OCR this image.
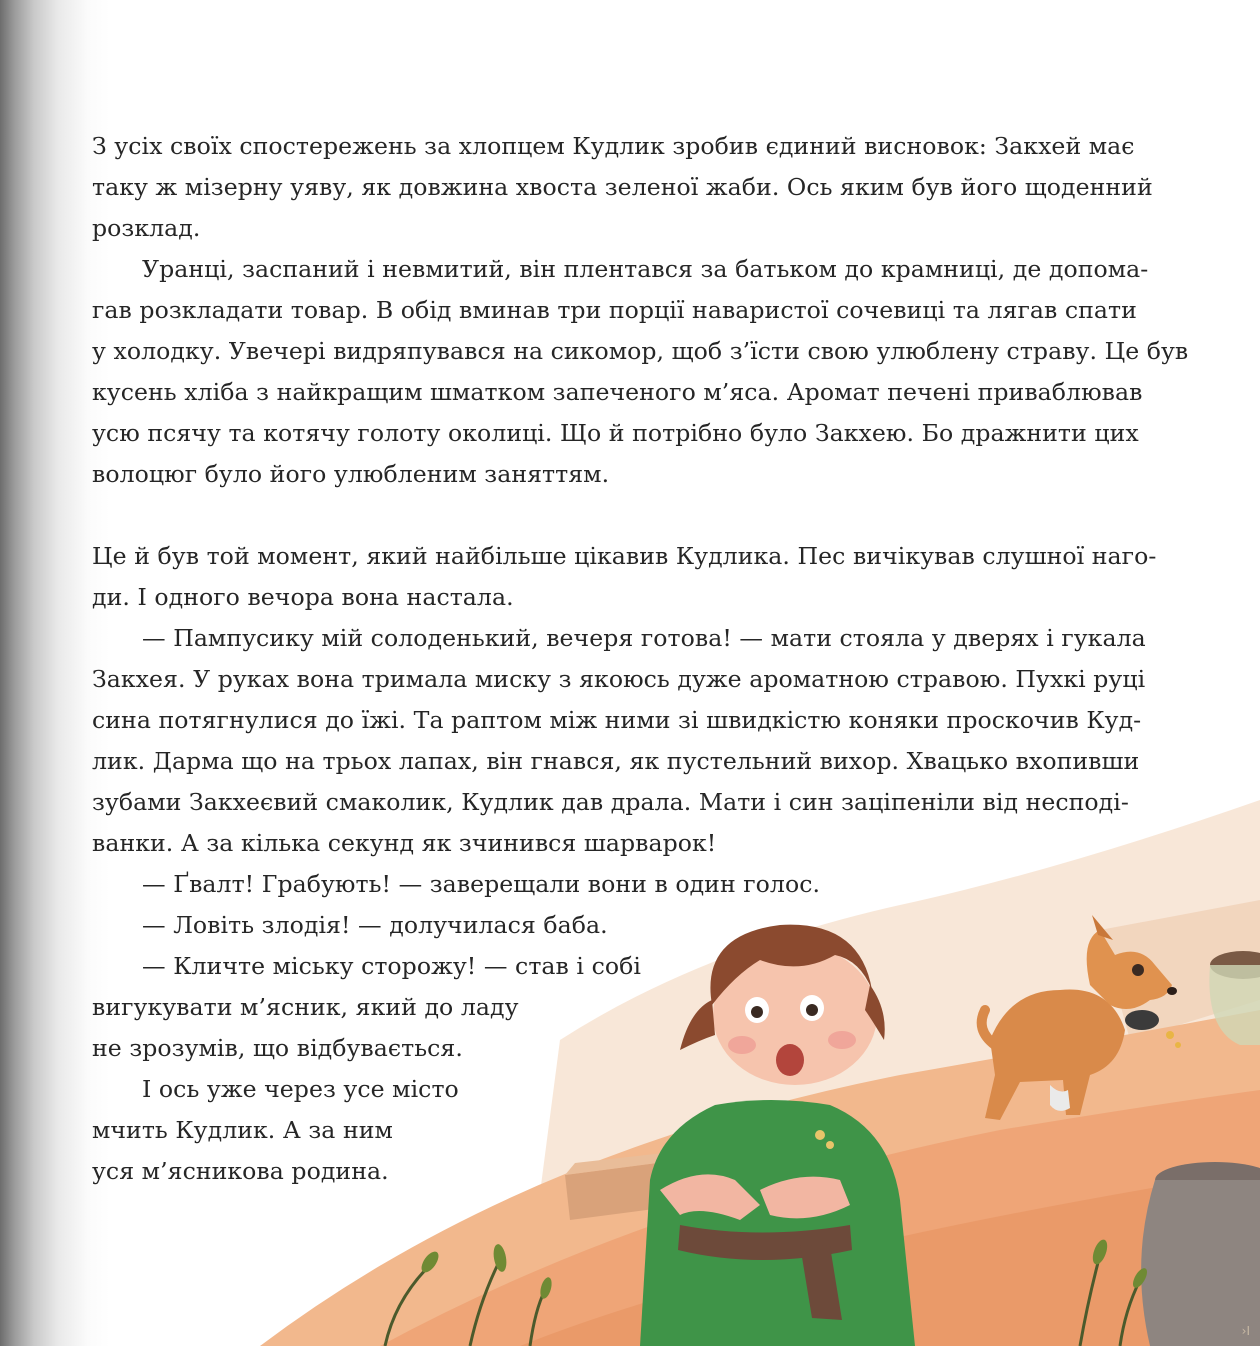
З усіх своїх спостережень за хлопцем Кудлик зробив єдиний висновок: Закхей має
таку ж мізерну уяву, як довжина хвоста зеленої жаби. Ось яким був його щоденний
розклад.

Уранці, заспаний і невмитий, він плентався за батьком до крамниці, де допома-
гав розкладати товар. В обід вминав три порції наваристої сочевиці та лягав спати
у холодку. Увечері видряпувався на сикомор, щоб з’їсти свою улюблену страву. Це був
кусень хліба з найкращим шматком запеченого м’яса. Аромат печені приваблював
усю псячу та котячу голоту околиці. Що й потрібно було Закхею. Бо дражнити цих
волоцюг було його улюбленим заняттям.

Це й був той момент, який найбільше цікавив Кудлика. Пес вичікував слушної наго-
ди. І одного вечора вона настала.

— Пампусику мій солоденький, вечеря готова! — мати стояла у дверях і гукала
Закхея. У руках вона тримала миску з якоюсь дуже ароматною стравою. Пухкі руці
сина потягнулися до їжі. Та раптом між ними зі швидкістю коняки проскочив Куд-
лик. Дарма що на трьох лапах, він гнався, як пустельний вихор. Хвацько вхопивши
зубами Закхеєвий смаколик, Кудлик дав драла. Мати і син заціпеніли від несподі-
ванки. А за кілька секунд як зчинився шарварок!

— Ґвалт! Грабують! — заверещали вони в один голос.

— Ловіть злодія! — долучилася баба.

— Кличте міську сторожу! — став і собі
вигукувати м’ясник, який до ладу
не зрозумів, що відбувається.

І ось уже через усе місто
мчить Кудлик. А за ним
уся м’ясникова родина.

›I
